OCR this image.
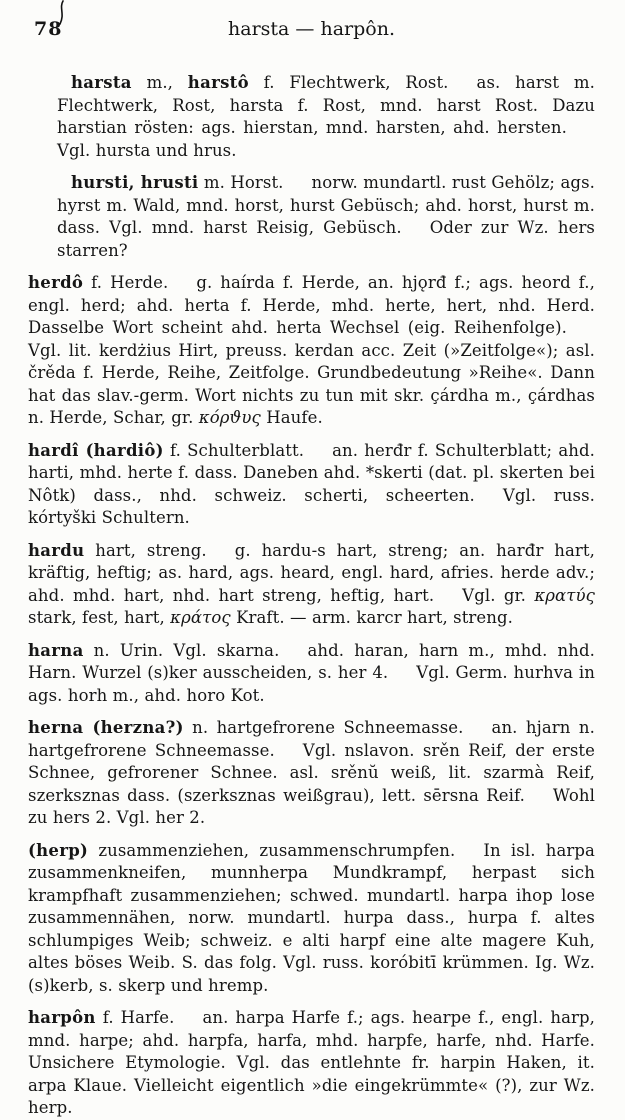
78	harsta — harpôn.

harsta m., harstô f. Flechtwerk, Rost. as. harst m. Flechtwerk, Rost, harsta f. Rost, mnd. harst Rost. Dazu harstian rösten: ags. hierstan, mnd. harsten, ahd. hersten.Vgl. hursta und hrus.

hursti, hrusti m. Horst. norw. mundartl. rust Gehölz; ags. hyrst m. Wald, mnd. horst, hurst Gebüsch; ahd. horst, hurst m. dass. Vgl. mnd. harst Reisig, Gebüsch. Oder zur Wz. hers starren?

herdô f. Herde. g. haírda f. Herde, an. hjǫrđ f.; ags. heord f., engl. herd; ahd. herta f. Herde, mhd. herte, hert, nhd. Herd. Dasselbe Wort scheint ahd. herta Wechsel (eig. Reihenfolge).Vgl. lit. kerdżius Hirt, preuss. kerdan acc. Zeit (»Zeitfolge«); asl. črěda f. Herde, Reihe, Zeitfolge. Grundbedeutung »Reihe«. Dann hat das slav.-germ. Wort nichts zu tun mit skr. çárdha m., çárdhas n. Herde, Schar, gr. κόρϑυς Haufe.

hardî (hardiô) f. Schulterblatt. an. herđr f. Schulterblatt; ahd. harti, mhd. herte f. dass. Daneben ahd. *skerti (dat. pl. skerten bei Nôtk) dass., nhd. schweiz. scherti, scheerten. Vgl. russ. kórtyški Schultern.

hardu hart, streng. g. hardu-s hart, streng; an. harđr hart, kräftig, heftig; as. hard, ags. heard, engl. hard, afries. herde adv.; ahd. mhd. hart, nhd. hart streng, heftig, hart. Vgl. gr. κρατύς stark, fest, hart, κράτος Kraft. — arm. karcr hart, streng.

harna n. Urin. Vgl. skarna. ahd. haran, harn m., mhd. nhd. Harn. Wurzel (s)ker ausscheiden, s. her 4. Vgl. Germ. hurhva in ags. horh m., ahd. horo Kot.

herna (herzna?) n. hartgefrorene Schneemasse. an. hjarn n. hartgefrorene Schneemasse. Vgl. nslavon. srěn Reif, der erste Schnee, gefrorener Schnee. asl. srěnŭ weiß, lit. szarmà Reif, szerksznas dass. (szerksznas weißgrau), lett. sērsna Reif. Wohl zu hers 2. Vgl. her 2.

(herp) zusammenziehen, zusammenschrumpfen. In isl. harpa zusammenkneifen, munnherpa Mundkrampf, herpast sich krampfhaft zusammenziehen; schwed. mundartl. harpa ihop lose zusammennähen, norw. mundartl. hurpa dass., hurpa f. altes schlumpiges Weib; schweiz. e alti harpf eine alte magere Kuh, altes böses Weib. S. das folg. Vgl. russ. koróbitī krümmen. Ig. Wz. (s)kerb, s. skerp und hremp.

harpôn f. Harfe. an. harpa Harfe f.; ags. hearpe f., engl. harp, mnd. harpe; ahd. harpfa, harfa, mhd. harpfe, harfe, nhd. Harfe. Unsichere Etymologie. Vgl. das entlehnte fr. harpin Haken, it. arpa Klaue. Vielleicht eigentlich »die eingekrümmte« (?), zur Wz. herp.
